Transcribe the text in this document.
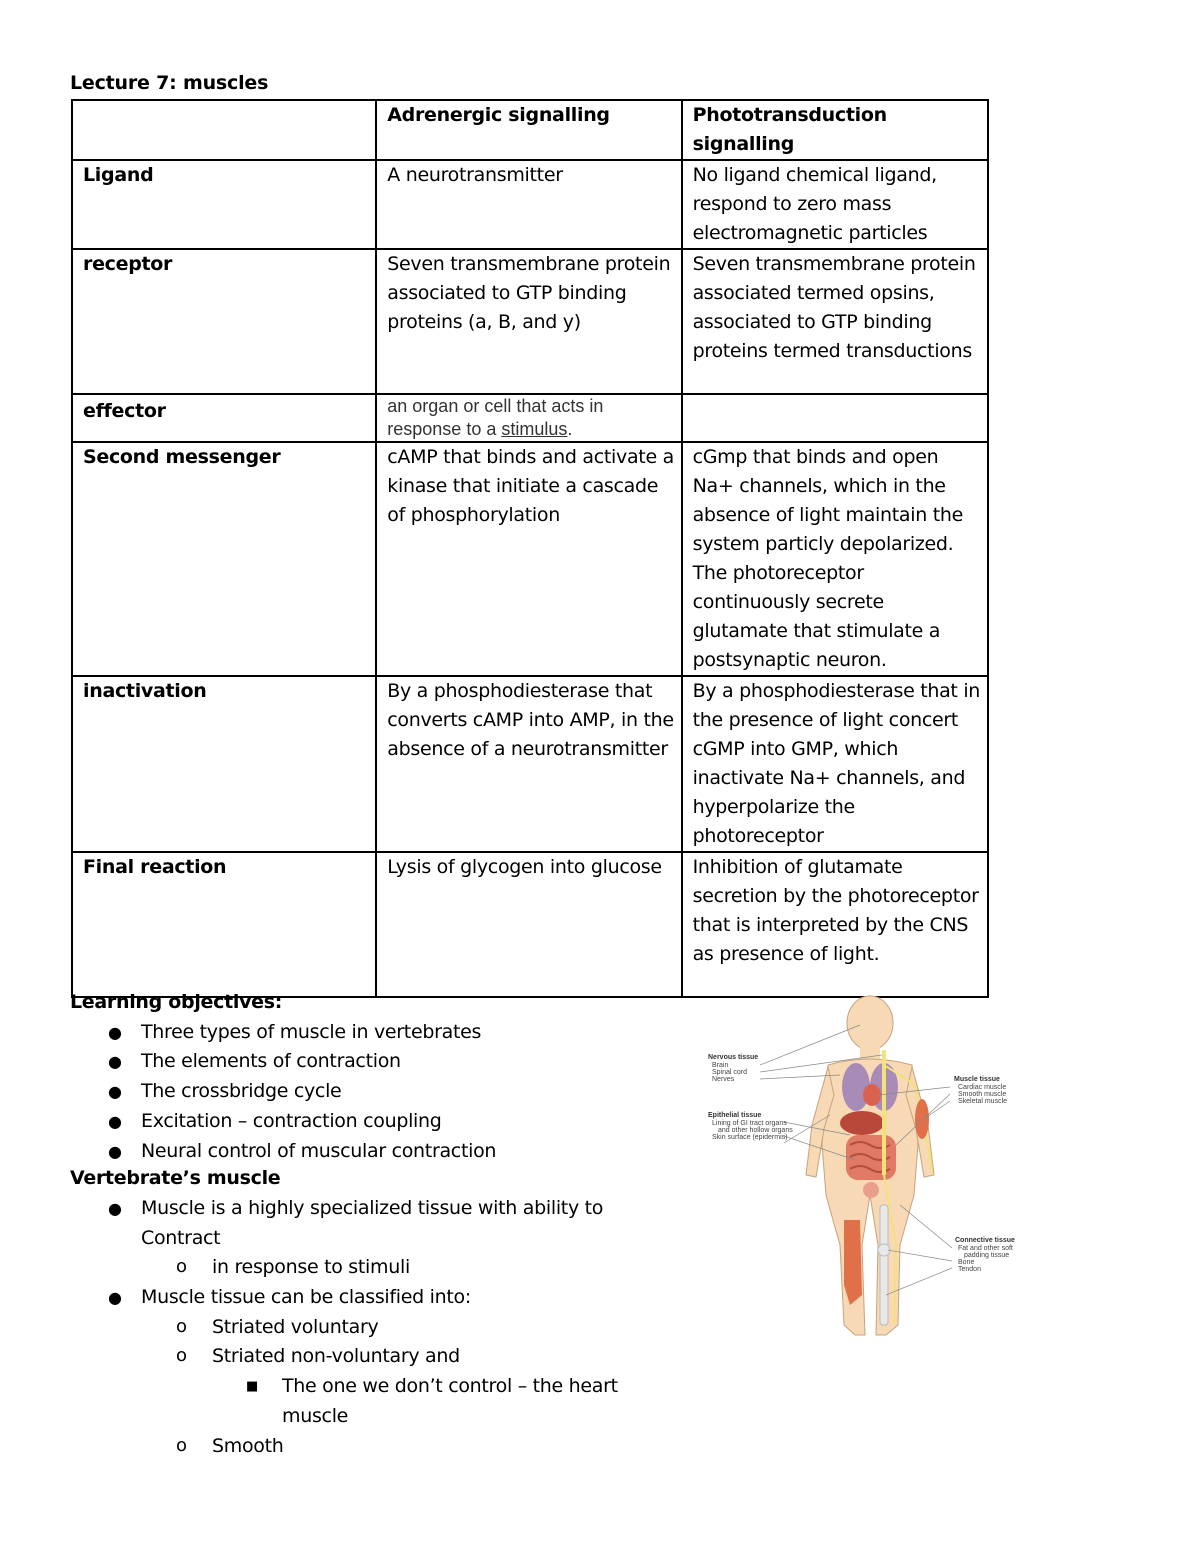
Lecture 7: muscles
	Adrenergic signalling	Phototransduction signalling
Ligand	A neurotransmitter	No ligand chemical ligand, respond to zero mass electromagnetic particles
receptor	Seven transmembrane protein associated to GTP binding proteins (a, B, and y)	Seven transmembrane protein associated termed opsins, associated to GTP binding proteins termed transductions
effector	an organ or cell that acts in response to a stimulus.	
Second messenger	cAMP that binds and activate a kinase that initiate a cascade of phosphorylation	cGmp that binds and open Na+ channels, which in the absence of light maintain the system particly depolarized. The photoreceptor continuously secrete glutamate that stimulate a postsynaptic neuron.
inactivation	By a phosphodiesterase that converts cAMP into AMP, in the absence of a neurotransmitter	By a phosphodiesterase that in the presence of light concert cGMP into GMP, which inactivate Na+ channels, and hyperpolarize the photoreceptor
Final reaction	Lysis of glycogen into glucose	Inhibition of glutamate secretion by the photoreceptor that is interpreted by the CNS as presence of light.
Learning objectives:
● Three types of muscle in vertebrates
● The elements of contraction
● The crossbridge cycle
● Excitation – contraction coupling
● Neural control of muscular contraction
Vertebrate’s muscle
● Muscle is a highly specialized tissue with ability to Contract
o in response to stimuli
● Muscle tissue can be classified into:
o Striated voluntary
o Striated non-voluntary and
■ The one we don’t control – the heart muscle
o Smooth
Nervous tissue
Brain
Spinal cord
Nerves
Epithelial tissue
Lining of GI tract organs
and other hollow organs
Skin surface (epidermis)
Muscle tissue
Cardiac muscle
Smooth muscle
Skeletal muscle
Connective tissue
Fat and other soft
padding tissue
Bone
Tendon
